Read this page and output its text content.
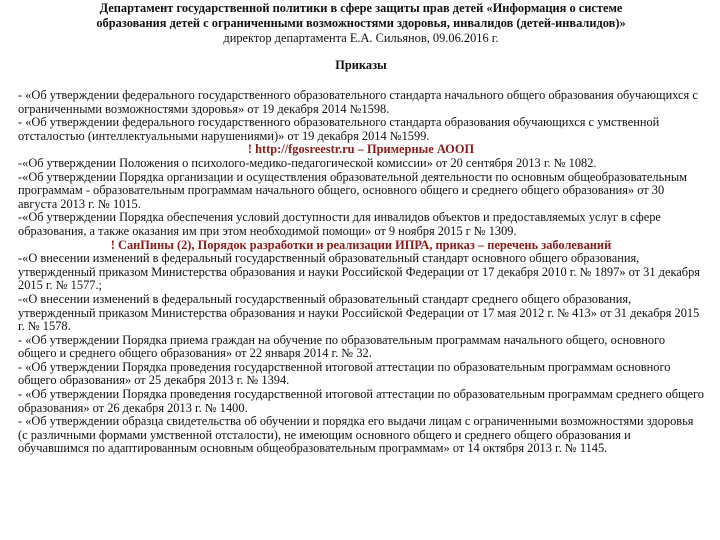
Департамент государственной политики в сфере защиты прав детей «Информация о системе
образования детей с ограниченными возможностями здоровья, инвалидов (детей-инвалидов)»
директор департамента Е.А. Сильянов, 09.06.2016 г.
Приказы

- «Об утверждении федерального государственного образовательного стандарта начального общего образования обучающихся с ограниченными возможностями здоровья» от 19 декабря 2014 №1598.

- «Об утверждении федерального государственного образовательного стандарта образования обучающихся с умственной отсталостью (интеллектуальными нарушениями)» от 19 декабря 2014 №1599.

! http://fgosreestr.ru – Примерные АООП

-«Об утверждении Положения о психолого-медико-педагогической комиссии» от 20 сентября 2013 г. № 1082.

-«Об утверждении Порядка организации и осуществления образовательной деятельности по основным общеобразовательным программам - образовательным программам начального общего, основного общего и среднего общего образования» от 30 августа 2013 г. № 1015.

-«Об утверждении Порядка обеспечения условий доступности для инвалидов объектов и предоставляемых услуг в сфере образования, а также оказания им при этом необходимой помощи» от 9 ноября 2015 г № 1309.

! СанПины (2), Порядок разработки и реализации ИПРА, приказ – перечень заболеваний

-«О внесении изменений в федеральный государственный образовательный стандарт основного общего образования, утвержденный приказом Министерства образования и науки Российской Федерации от 17 декабря 2010 г. № 1897» от 31 декабря 2015 г. № 1577.;

-«О внесении изменений в федеральный государственный образовательный стандарт среднего общего образования, утвержденный приказом Министерства образования и науки Российской Федерации от 17 мая 2012 г. № 413» от 31 декабря 2015 г. № 1578.

- «Об утверждении Порядка приема граждан на обучение по образовательным программам начального общего, основного общего и среднего общего образования» от 22 января 2014 г. № 32.

- «Об утверждении Порядка проведения государственной итоговой аттестации по образовательным программам основного общего образования» от 25 декабря 2013 г. № 1394.

- «Об утверждении Порядка проведения государственной итоговой аттестации по образовательным программам среднего общего образования» от 26 декабря 2013 г. № 1400.

- «Об утверждении образца свидетельства об обучении и порядка его выдачи лицам с ограниченными возможностями здоровья (с различными формами умственной отсталости), не имеющим основного общего и среднего общего образования и обучавшимся по адаптированным основным общеобразовательным программам» от 14 октября 2013 г. № 1145.
